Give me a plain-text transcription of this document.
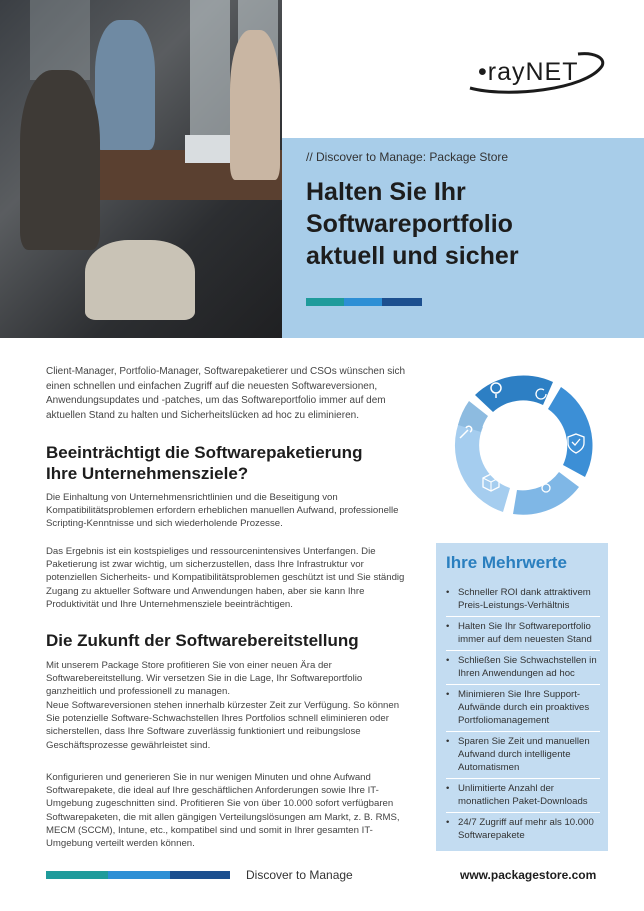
•rayNET
// Discover to Manage: Package Store
Halten Sie Ihr
Softwareportfolio
aktuell und sicher

Client-Manager, Portfolio-Manager, Softwarepaketierer und CSOs wünschen sich einen schnellen und einfachen Zugriff auf die neuesten Softwareversionen, Anwendungsupdates und -patches, um das Softwareportfolio immer auf dem aktuellen Stand zu halten und Sicherheitslücken ad hoc zu eliminieren.

Beeinträchtigt die Softwarepaketierung
Ihre Unternehmensziele?

Die Einhaltung von Unternehmensrichtlinien und die Beseitigung von Kompatibilitätsproblemen erfordern erheblichen manuellen Aufwand, professionelle Scripting-Kenntnisse und sich wiederholende Prozesse.

Das Ergebnis ist ein kostspieliges und ressourcenintensives Unterfangen. Die Paketierung ist zwar wichtig, um sicherzustellen, dass Ihre Infrastruktur vor potenziellen Sicherheits- und Kompatibilitätsproblemen geschützt ist und Sie ständig Zugang zu aktueller Software und Anwendungen haben, aber sie kann Ihre Produktivität und Ihre Unternehmensziele beeinträchtigen.

Die Zukunft der Softwarebereitstellung

Mit unserem Package Store profitieren Sie von einer neuen Ära der Softwarebereitstellung. Wir versetzen Sie in die Lage, Ihr Softwareportfolio ganzheitlich und professionell zu managen.

Neue Softwareversionen stehen innerhalb kürzester Zeit zur Verfügung. So können Sie potenzielle Software-Schwachstellen Ihres Portfolios schnell eliminieren oder sicherstellen, dass Ihre Software zuverlässig funktioniert und reibungslose Geschäftsprozesse gewährleistet sind.

Konfigurieren und generieren Sie in nur wenigen Minuten und ohne Aufwand Softwarepakete, die ideal auf Ihre geschäftlichen Anforderungen sowie Ihre IT-Umgebung zugeschnitten sind. Profitieren Sie von über 10.000 sofort verfügbaren Softwarepaketen, die mit allen gängigen Verteilungslösungen am Markt, z. B. RMS, MECM (SCCM), Intune, etc., kompatibel sind und somit in Ihrer gesamten IT-Umgebung verteilt werden können.

• Schneller ROI dank attraktivem Preis-Leistungs-Verhältnis
• Halten Sie Ihr Softwareportfolio immer auf dem neuesten Stand
• Schließen Sie Schwachstellen in Ihren Anwendungen ad hoc
• Minimieren Sie Ihre Support-Aufwände durch ein proaktives Portfoliomanagement
• Sparen Sie Zeit und manuellen Aufwand durch intelligente Automatismen
• Unlimitierte Anzahl der monatlichen Paket-Downloads
• 24/7 Zugriff auf mehr als 10.000 Softwarepakete
Ihre Mehrwerte
Discover to Manage	www.packagestore.com
